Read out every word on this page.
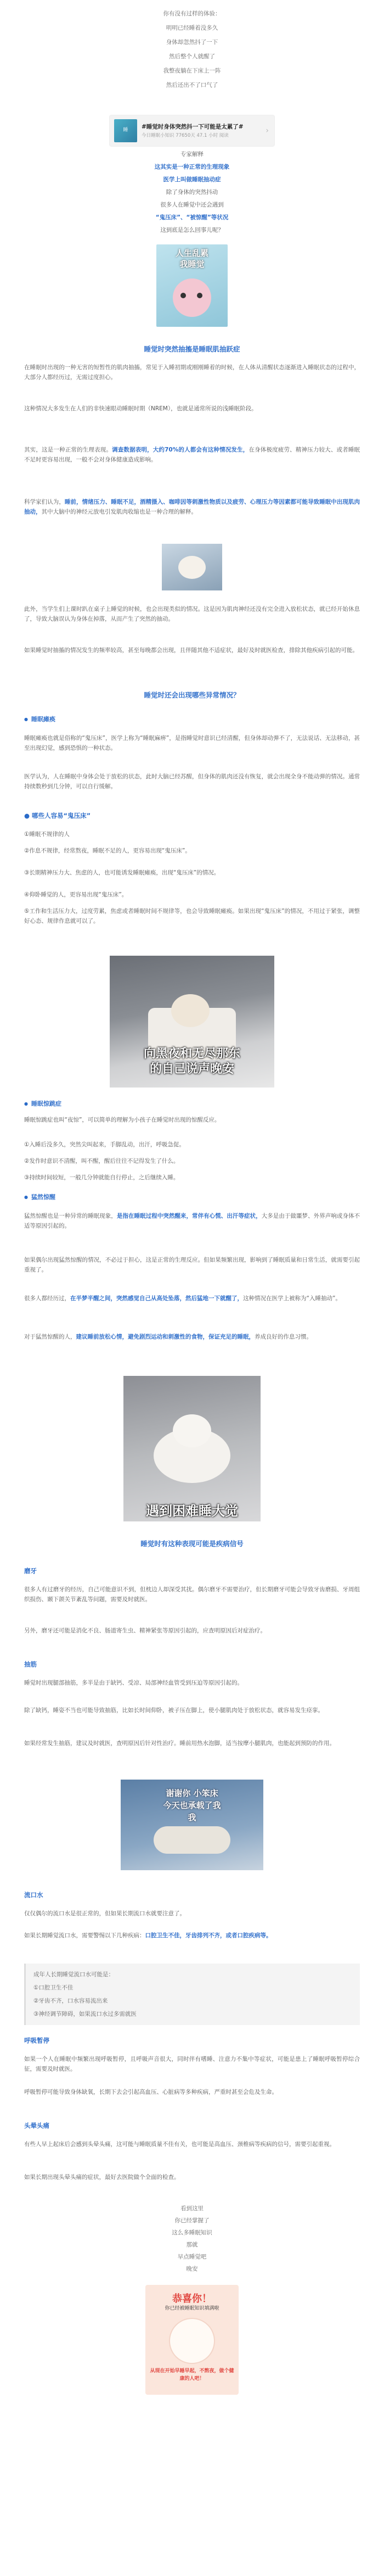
你有没有过样的体验：

明明已经睡着没多久

身体却忽然抖了一下

然后整个人就醒了

我整夜躺在下床上一阵

然后还出不了口气了

睡
#睡觉时身体突然抖一下可能是太累了#
今日睡眠小知识 77650天 47.1 小时 阅读
›

专家解释

这其实是一种正常的生理现象

医学上叫做睡眠抽动症

除了身体的突然抖动

很多人在睡觉中还会遇到

“鬼压床”、“被惊醒”等状况

这到底是怎么回事儿呢？

人生乱累
我睡觉

睡觉时突然抽搐是睡眠肌抽跃症

在睡眠时出现的一种无害的短暂性的肌肉抽搐，常见于入睡初期或刚刚睡着的时候，在人体从清醒状态逐渐进入睡眠状态的过程中，大部分人都经历过，无需过度担心。

这种情况大多发生在人们的非快速眼动睡眠时期（NREM），也就是通常所说的浅睡眠阶段。

其实，这是一种正常的生理表现。调查数据表明，大约70%的人都会有这种情况发生，在身体极度疲劳、精神压力较大、或者睡眠不足时更容易出现，一般不会对身体健康造成影响。

科学家们认为，睡前，情绪压力、睡眠不足，酒精摄入、咖啡因等刺激性物质以及疲劳、心理压力等因素都可能导致睡眠中出现肌肉抽动，其中大脑中的神经元放电引发肌肉收缩也是一种合理的解释。

此外，当学生们上课时趴在桌子上睡觉的时候，也会出现类似的情况。这是因为肌肉神经还没有完全进入放松状态，就已经开始休息了，导致大脑误认为身体在掉落，从而产生了突然的抽动。

如果睡觉时抽搐的情况发生的频率较高，甚至每晚都会出现，且伴随其他不适症状，最好及时就医检查，排除其他疾病引起的可能。

睡觉时还会出现哪些异常情况？

● 睡眠瘫痪

睡眠瘫痪也就是俗称的“鬼压床”，医学上称为“睡眠麻痹”，是指睡觉时意识已经清醒，但身体却动弹不了，无法说话、无法移动，甚至出现幻觉，感到恐惧的一种状态。

医学认为，人在睡眠中身体会处于放松的状态，此时大脑已经苏醒，但身体的肌肉还没有恢复，就会出现全身不能动弹的情况。通常持续数秒到几分钟，可以自行缓解。

● 哪些人容易“鬼压床”

①睡眠不规律的人

②作息不规律，经常熬夜，睡眠不足的人，更容易出现“鬼压床”。

③长期精神压力大、焦虑的人，也可能诱发睡眠瘫痪，出现“鬼压床”的情况。

④仰卧睡觉的人，更容易出现“鬼压床”。

⑤工作和生活压力大，过度劳累，焦虑或者睡眠时间不规律等，也会导致睡眠瘫痪。如果出现“鬼压床”的情况，不用过于紧张，调整好心态、规律作息就可以了。

向黑夜和无尽那东
的自己说声晚安

● 睡眠惊跳症

睡眠惊跳症也叫“夜惊”，可以简单的理解为小孩子在睡觉时出现的惊醒反应。

①入睡后没多久，突然尖叫起来，手脚乱动，出汗，呼吸急促。

②发作时意识不清醒，叫不醒，醒后往往不记得发生了什么。

③持续时间较短，一般几分钟就能自行停止，之后继续入睡。

● 猛然惊醒

猛然惊醒也是一种异常的睡眠现象，是指在睡眠过程中突然醒来，常伴有心慌、出汗等症状，大多是由于做噩梦、外界声响或身体不适等原因引起的。

如果偶尔出现猛然惊醒的情况，不必过于担心，这是正常的生理反应。但如果频繁出现，影响到了睡眠质量和日常生活，就需要引起重视了。

很多人都经历过，在半梦半醒之间，突然感觉自己从高处坠落，然后猛地一下就醒了，这种情况在医学上被称为“入睡抽动”。

对于猛然惊醒的人，建议睡前放松心情，避免剧烈运动和刺激性的食物，保证充足的睡眠，养成良好的作息习惯。

遇到困难睡大觉

睡觉时有这种表现可能是疾病信号

磨牙

很多人有过磨牙的经历，自己可能意识不到，但枕边人却深受其扰。偶尔磨牙不需要治疗，但长期磨牙可能会导致牙齿磨损、牙周组织损伤、颞下颌关节紊乱等问题，需要及时就医。

另外，磨牙还可能是消化不良、肠道寄生虫、精神紧张等原因引起的，应查明原因后对症治疗。

抽筋

睡觉时出现腿部抽筋，多半是由于缺钙、受凉、局部神经血管受到压迫等原因引起的。

除了缺钙，睡姿不当也可能导致抽筋，比如长时间仰卧，被子压在脚上，使小腿肌肉处于放松状态，就容易发生痉挛。

如果经常发生抽筋，建议及时就医，查明原因后针对性治疗。睡前用热水泡脚，适当按摩小腿肌肉，也能起到预防的作用。

谢谢你 小笨床
今天也承载了我
我

流口水

仅仅偶尔的流口水是很正常的，但如果长期流口水就要注意了。

如果长期睡觉流口水，需要警惕以下几种疾病：口腔卫生不佳，牙齿排列不齐，或者口腔疾病等。

成年人长期睡觉流口水可能是：

①口腔卫生不佳

②牙齿不齐，口水容易流出来

③神经调节障碍，如果流口水过多需就医

呼吸暂停

如果一个人在睡眠中频繁出现呼吸暂停，且呼吸声音很大，同时伴有嗜睡、注意力不集中等症状，可能是患上了睡眠呼吸暂停综合征，需要及时就医。

呼吸暂停可能导致身体缺氧，长期下去会引起高血压、心脏病等多种疾病，严重时甚至会危及生命。

头晕头痛

有些人早上起床后会感到头晕头痛，这可能与睡眠质量不佳有关，也可能是高血压、颈椎病等疾病的信号，需要引起重视。

如果长期出现头晕头痛的症状，最好去医院做个全面的检查。

看到这里

你已经掌握了

这么多睡眠知识

那就

早点睡觉吧

晚安

恭喜你！
你已经被睡眠知识填满啦
从现在开始早睡早起，不熬夜，做个健康的人吧！
